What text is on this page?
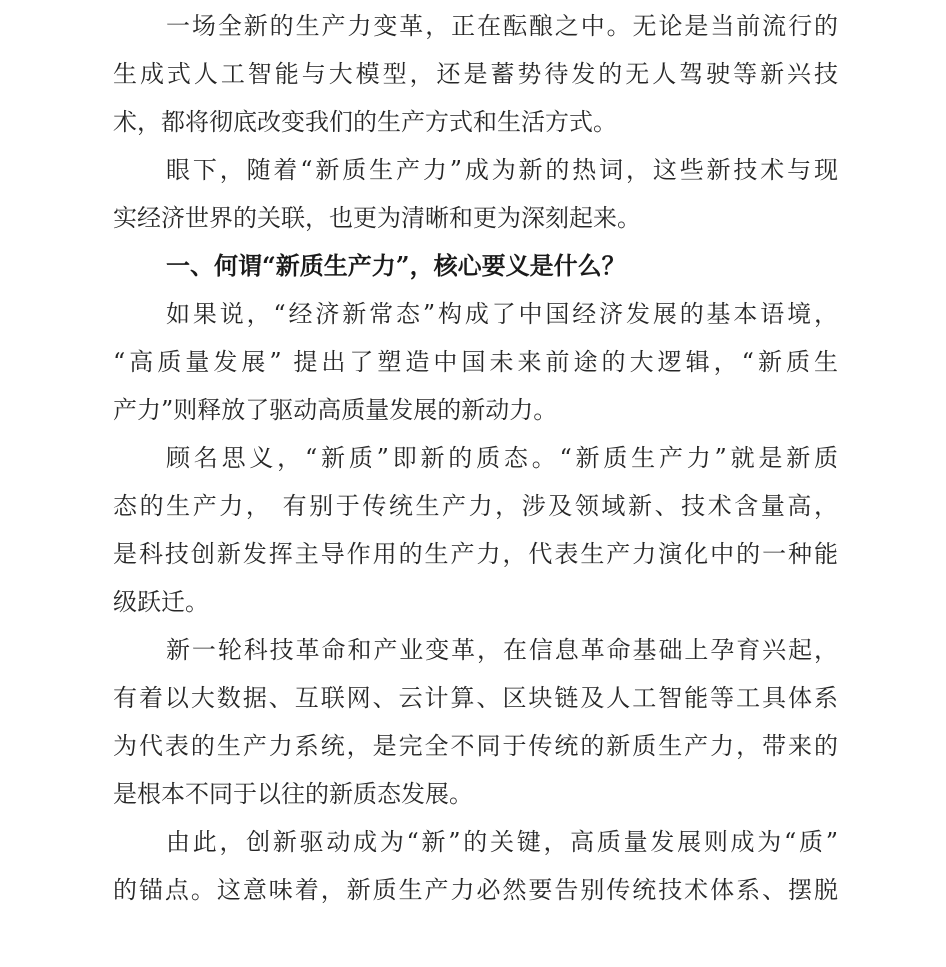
一场全新的生产力变革，正在酝酿之中。无论是当前流行的
生成式人工智能与大模型，还是蓄势待发的无人驾驶等新兴技
术，都将彻底改变我们的生产方式和生活方式。
眼下，随着“新质生产力”成为新的热词，这些新技术与现
实经济世界的关联，也更为清晰和更为深刻起来。
一、何谓“新质生产力”，核心要义是什么？
如果说，“经济新常态”构成了中国经济发展的基本语境，
“高质量发展” 提出了塑造中国未来前途的大逻辑，“新质生
产力”则释放了驱动高质量发展的新动力。
顾名思义，“新质”即新的质态。“新质生产力”就是新质
态的生产力， 有别于传统生产力，涉及领域新、技术含量高，
是科技创新发挥主导作用的生产力，代表生产力演化中的一种能
级跃迁。
新一轮科技革命和产业变革，在信息革命基础上孕育兴起，
有着以大数据、互联网、云计算、区块链及人工智能等工具体系
为代表的生产力系统，是完全不同于传统的新质生产力，带来的
是根本不同于以往的新质态发展。
由此，创新驱动成为“新”的关键，高质量发展则成为“质”
的锚点。这意味着，新质生产力必然要告别传统技术体系、摆脱
